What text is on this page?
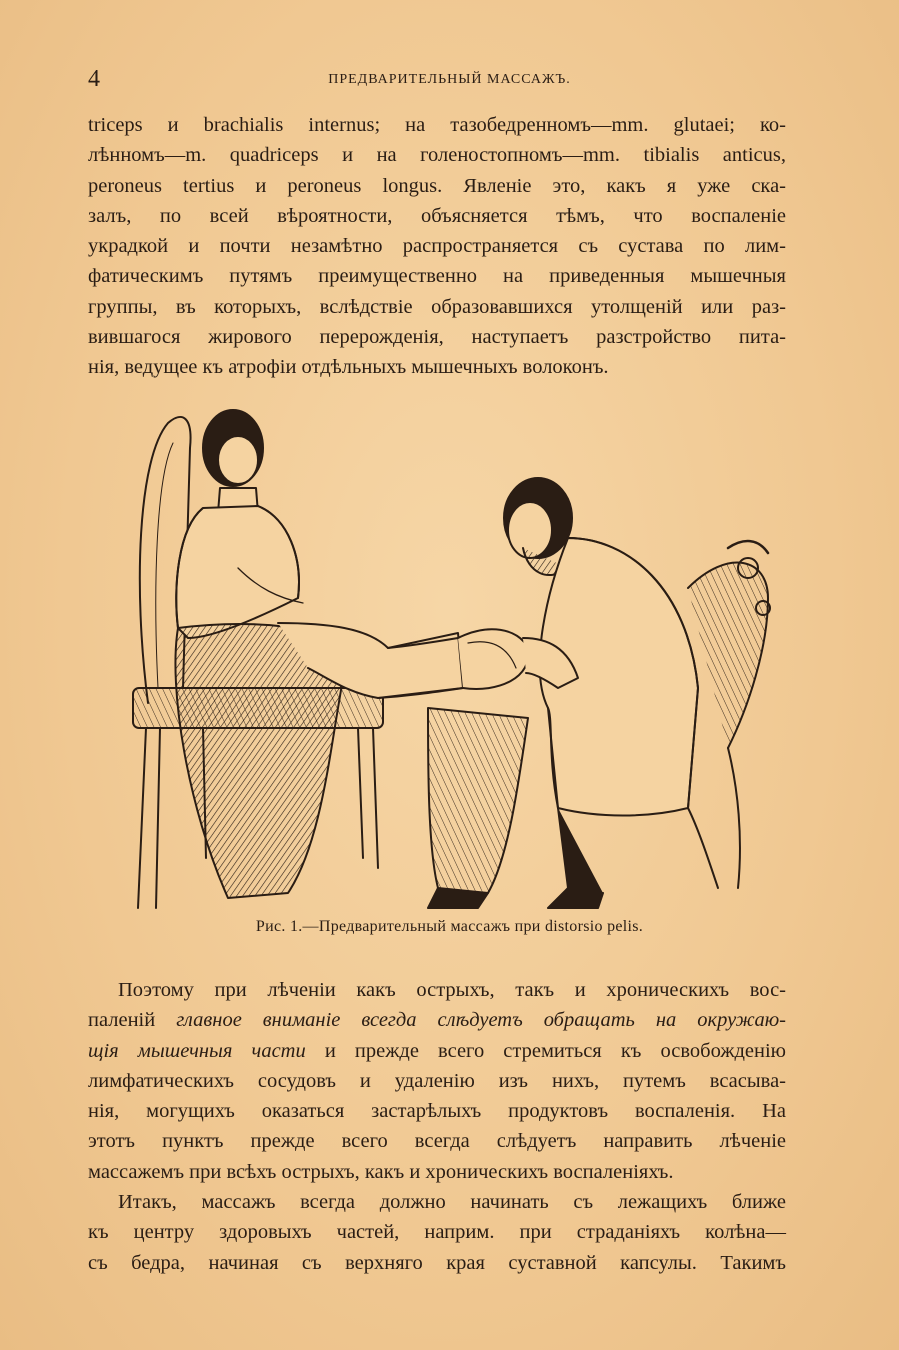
4	ПРЕДВАРИТЕЛЬНЫЙ МАССАЖЪ.
triceps и brachialis internus; на тазобедренномъ—mm. glutaei; ко-
лѣнномъ—m. quadriceps и на голеностопномъ—mm. tibialis anticus,
peroneus tertius и peroneus longus. Явленіе это, какъ я уже ска-
залъ, по всей вѣроятности, объясняется тѣмъ, что воспаленіе
украдкой и почти незамѣтно распространяется съ сустава по лим-
фатическимъ путямъ преимущественно на приведенныя мышечныя
группы, въ которыхъ, вслѣдствіе образовавшихся утолщеній или раз-
вившагося жирового перерожденія, наступаетъ разстройство пита-
нія, ведущее къ атрофіи отдѣльныхъ мышечныхъ волоконъ.
Рис. 1.—Предварительный массажъ при distorsio pelis.
Поэтому при лѣченіи какъ острыхъ, такъ и хроническихъ вос-
паленій главное вниманіе всегда слѣдуетъ обращать на окружаю-
щія мышечныя части и прежде всего стремиться къ освобожденію
лимфатическихъ сосудовъ и удаленію изъ нихъ, путемъ всасыва-
нія, могущихъ оказаться застарѣлыхъ продуктовъ воспаленія. На
этотъ пунктъ прежде всего всегда слѣдуетъ направить лѣченіе
массажемъ при всѣхъ острыхъ, какъ и хроническихъ воспаленіяхъ.
Итакъ, массажъ всегда должно начинать съ лежащихъ ближе
къ центру здоровыхъ частей, наприм. при страданіяхъ колѣна—
съ бедра, начиная съ верхняго края суставной капсулы. Такимъ
